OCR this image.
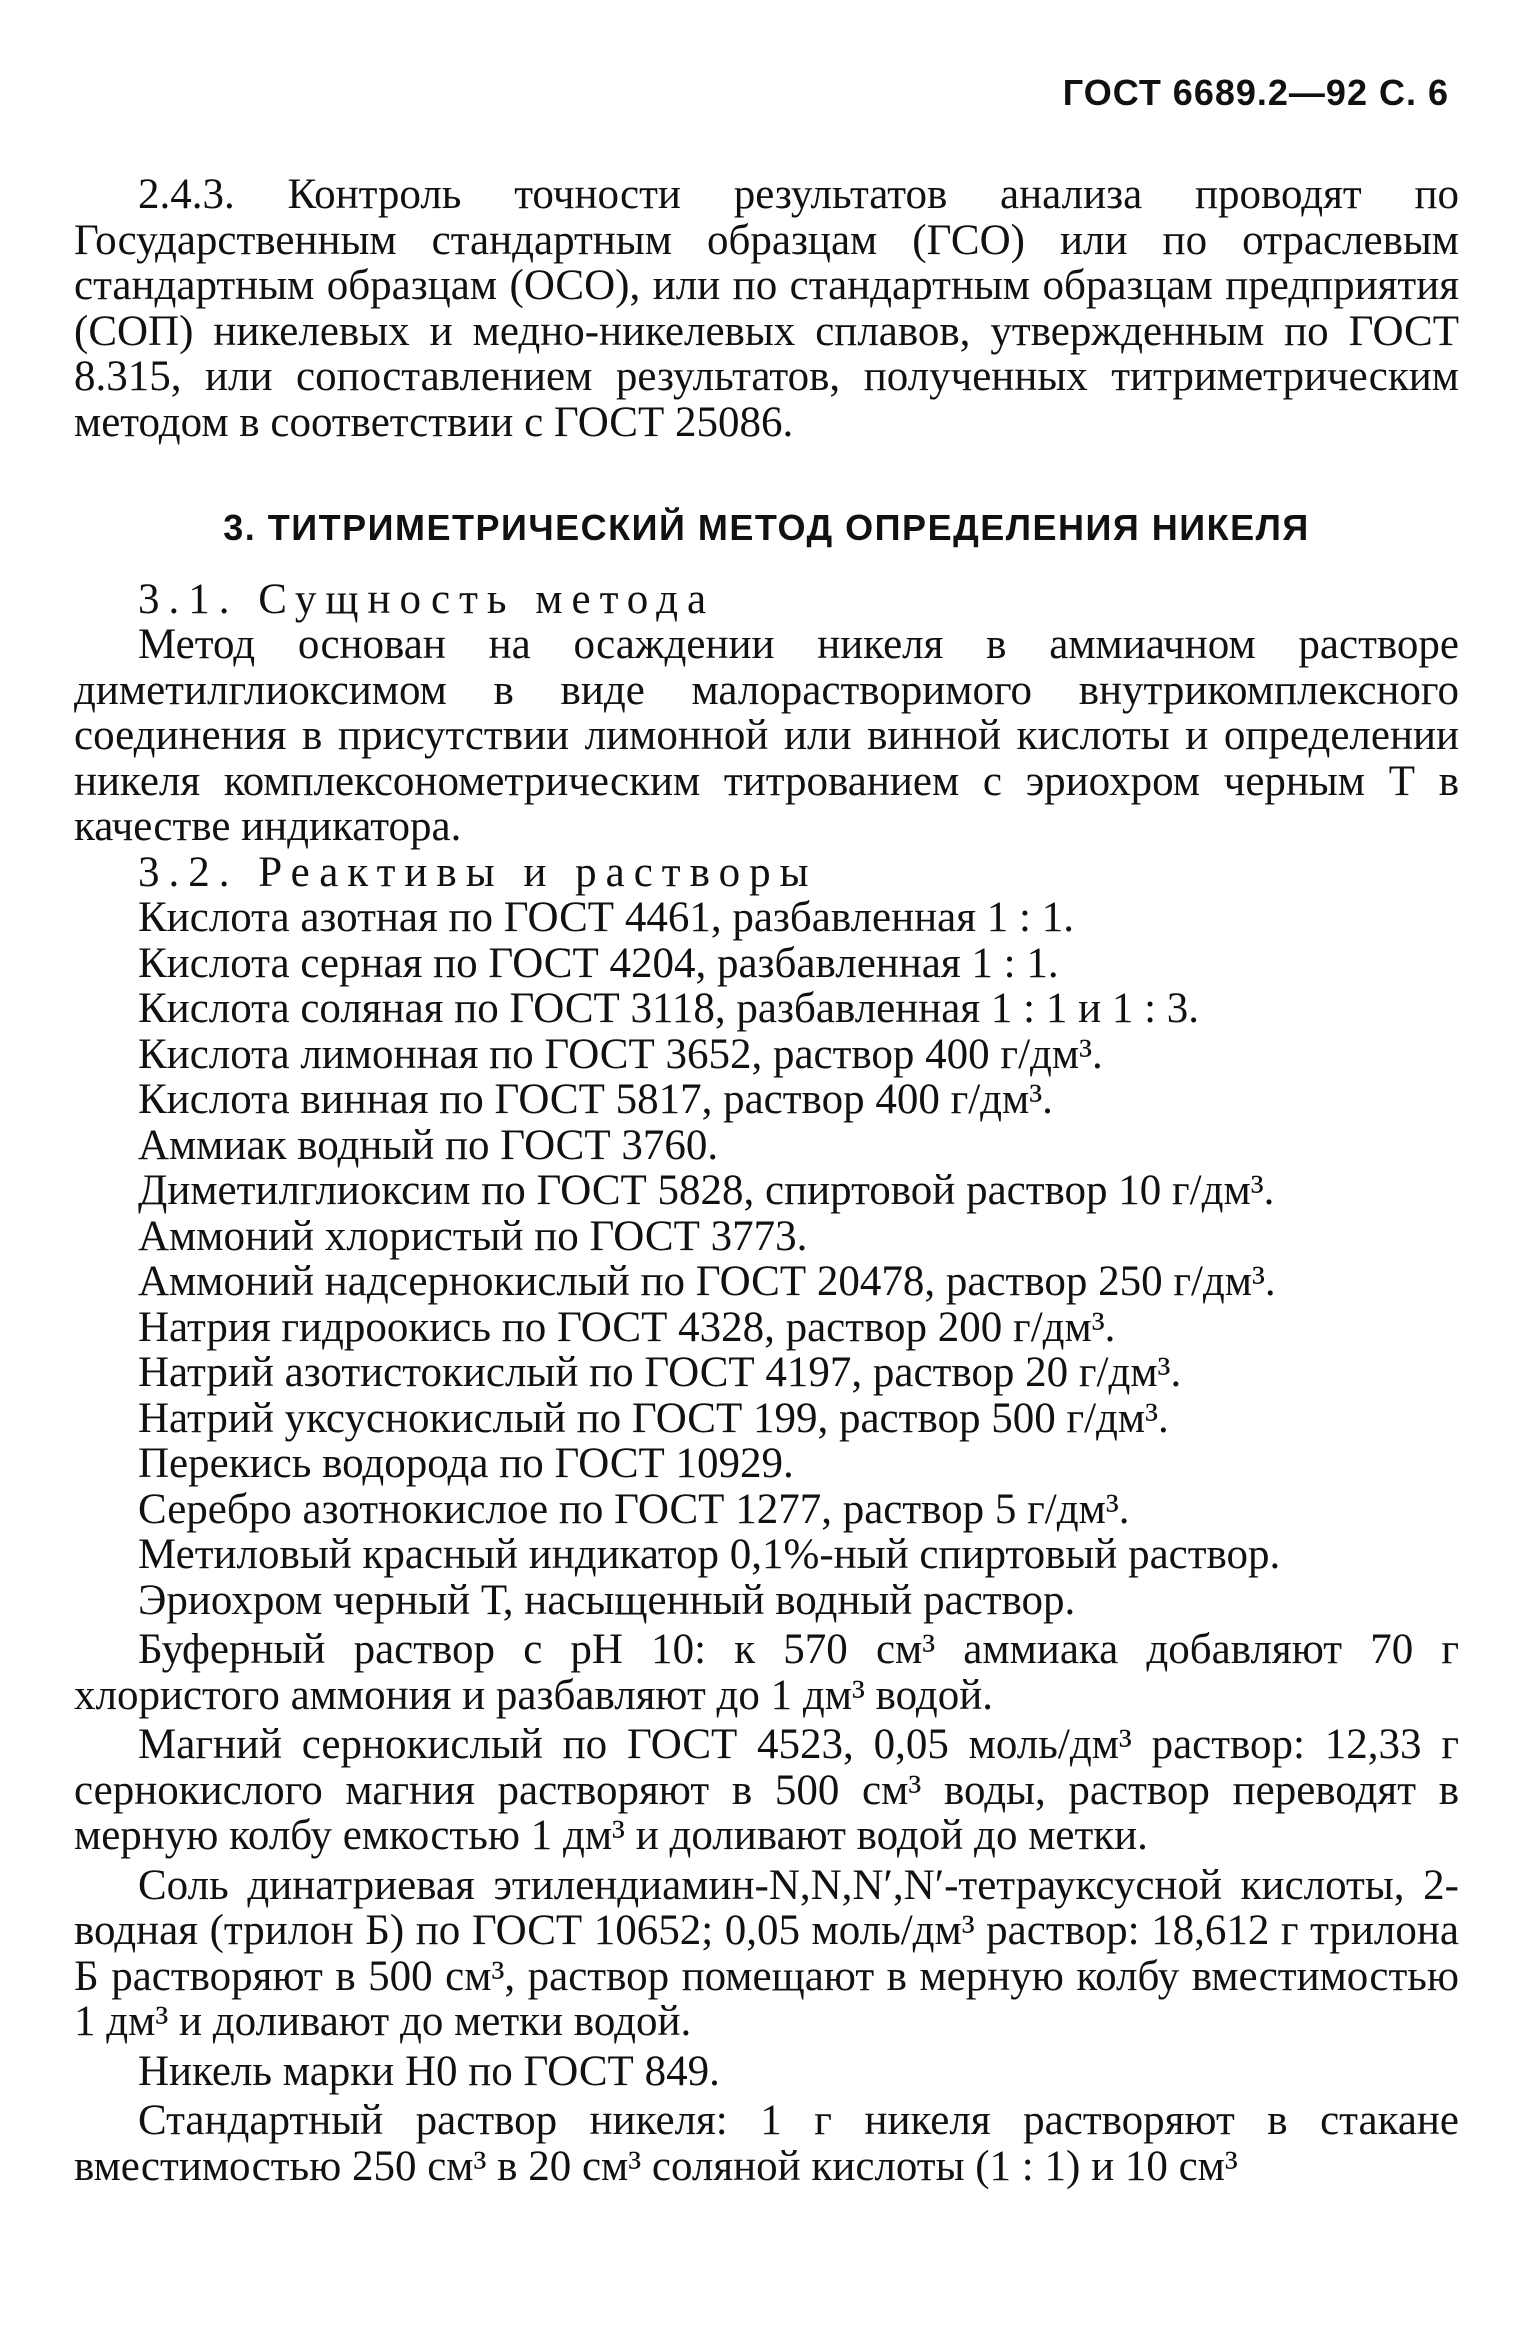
ГОСТ 6689.2—92 С. 6

2.4.3. Контроль точности результатов анализа проводят по Государственным стандартным образцам (ГСО) или по отраслевым стандартным образцам (ОСО), или по стандартным образцам предприятия (СОП) никелевых и медно-никелевых сплавов, утвержденным по ГОСТ 8.315, или сопоставлением результатов, полученных титриметрическим методом в соответствии с ГОСТ 25086.

3. ТИТРИМЕТРИЧЕСКИЙ МЕТОД ОПРЕДЕЛЕНИЯ НИКЕЛЯ

3.1. Сущность метода

Метод основан на осаждении никеля в аммиачном растворе диметилглиоксимом в виде малорастворимого внутрикомплексного соединения в присутствии лимонной или винной кислоты и определении никеля комплексонометрическим титрованием с эриохром черным Т в качестве индикатора.

3.2. Реактивы и растворы

Кислота азотная по ГОСТ 4461, разбавленная 1 : 1.

Кислота серная по ГОСТ 4204, разбавленная 1 : 1.

Кислота соляная по ГОСТ 3118, разбавленная 1 : 1 и 1 : 3.

Кислота лимонная по ГОСТ 3652, раствор 400 г/дм³.

Кислота винная по ГОСТ 5817, раствор 400 г/дм³.

Аммиак водный по ГОСТ 3760.

Диметилглиоксим по ГОСТ 5828, спиртовой раствор 10 г/дм³.

Аммоний хлористый по ГОСТ 3773.

Аммоний надсернокислый по ГОСТ 20478, раствор 250 г/дм³.

Натрия гидроокись по ГОСТ 4328, раствор 200 г/дм³.

Натрий азотистокислый по ГОСТ 4197, раствор 20 г/дм³.

Натрий уксуснокислый по ГОСТ 199, раствор 500 г/дм³.

Перекись водорода по ГОСТ 10929.

Серебро азотнокислое по ГОСТ 1277, раствор 5 г/дм³.

Метиловый красный индикатор 0,1%-ный спиртовый раствор.

Эриохром черный Т, насыщенный водный раствор.

Буферный раствор с pH 10: к 570 см³ аммиака добавляют 70 г хлористого аммония и разбавляют до 1 дм³ водой.

Магний сернокислый по ГОСТ 4523, 0,05 моль/дм³ раствор: 12,33 г сернокислого магния растворяют в 500 см³ воды, раствор переводят в мерную колбу емкостью 1 дм³ и доливают водой до метки.

Соль динатриевая этилендиамин-N,N,N′,N′-тетрауксусной кислоты, 2-водная (трилон Б) по ГОСТ 10652; 0,05 моль/дм³ раствор: 18,612 г трилона Б растворяют в 500 см³, раствор помещают в мерную колбу вместимостью 1 дм³ и доливают до метки водой.

Никель марки Н0 по ГОСТ 849.

Стандартный раствор никеля: 1 г никеля растворяют в стакане вместимостью 250 см³ в 20 см³ соляной кислоты (1 : 1) и 10 см³
